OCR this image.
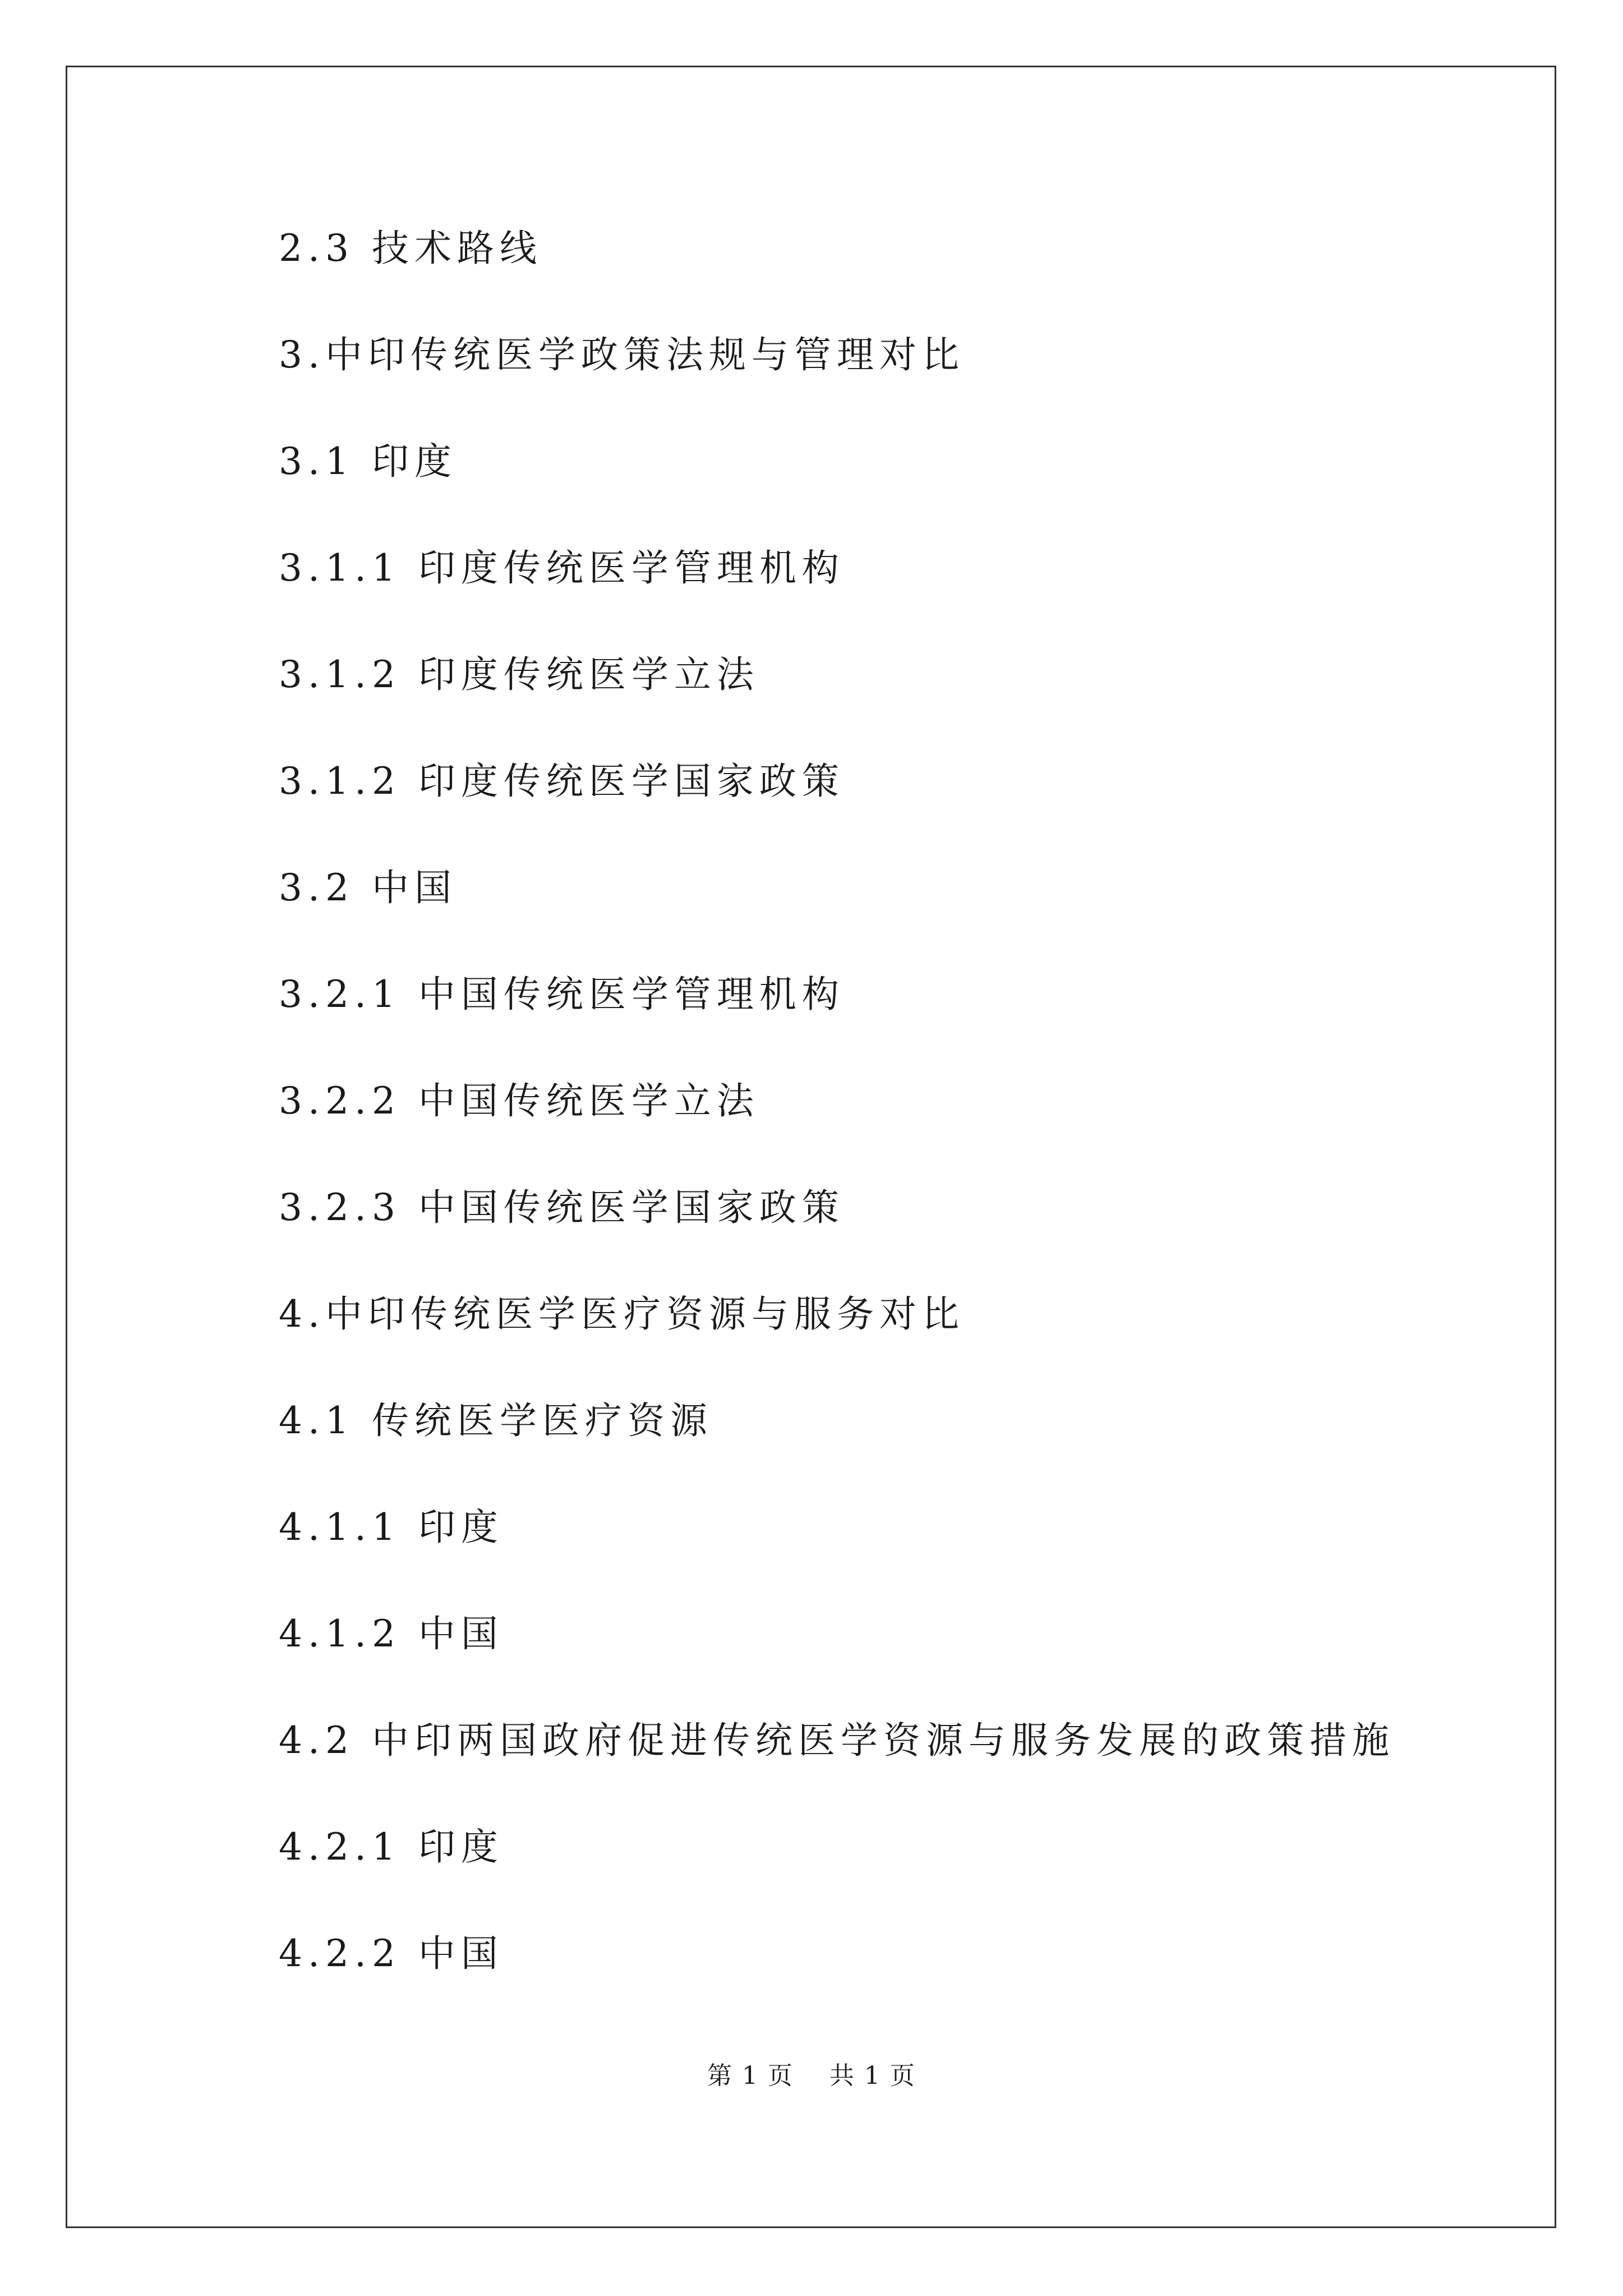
2.3 技术路线
3.中印传统医学政策法规与管理对比
3.1 印度
3.1.1 印度传统医学管理机构
3.1.2 印度传统医学立法
3.1.2 印度传统医学国家政策
3.2 中国
3.2.1 中国传统医学管理机构
3.2.2 中国传统医学立法
3.2.3 中国传统医学国家政策
4.中印传统医学医疗资源与服务对比
4.1 传统医学医疗资源
4.1.1 印度
4.1.2 中国
4.2 中印两国政府促进传统医学资源与服务发展的政策措施
4.2.1 印度
4.2.2 中国
第 1 页 共 1 页
